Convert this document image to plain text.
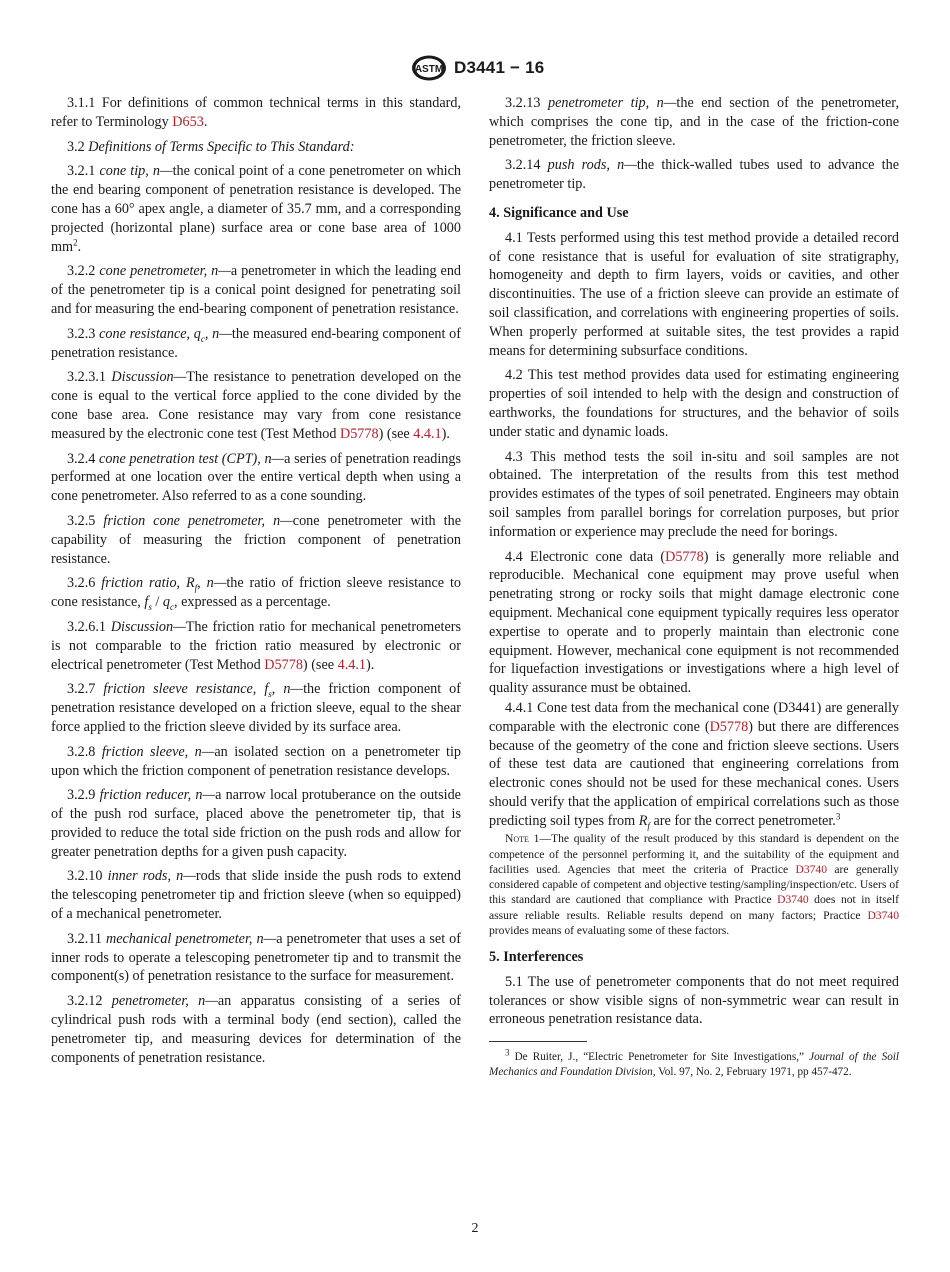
ASTM D3441 − 16

3.1.1 For definitions of common technical terms in this standard, refer to Terminology D653.

3.2 Definitions of Terms Specific to This Standard:

3.2.1 cone tip, n—the conical point of a cone penetrometer on which the end bearing component of penetration resistance is developed. The cone has a 60° apex angle, a diameter of 35.7 mm, and a corresponding projected (horizontal plane) surface area or cone base area of 1000 $mm^2$.

3.2.2 cone penetrometer, n—a penetrometer in which the leading end of the penetrometer tip is a conical point designed for penetrating soil and for measuring the end-bearing component of penetration resistance.

3.2.3 cone resistance, $q_c$, n—the measured end-bearing component of penetration resistance.

3.2.3.1 Discussion—The resistance to penetration developed on the cone is equal to the vertical force applied to the cone divided by the cone base area. Cone resistance may vary from cone resistance measured by the electronic cone test (Test Method D5778) (see 4.4.1).

3.2.4 cone penetration test (CPT), n—a series of penetration readings performed at one location over the entire vertical depth when using a cone penetrometer. Also referred to as a cone sounding.

3.2.5 friction cone penetrometer, n—cone penetrometer with the capability of measuring the friction component of penetration resistance.

3.2.6 friction ratio, $R_f$, n—the ratio of friction sleeve resistance to cone resistance, $f_s / q_c$, expressed as a percentage.

3.2.6.1 Discussion—The friction ratio for mechanical penetrometers is not comparable to the friction ratio measured by electronic or electrical penetrometer (Test Method D5778) (see 4.4.1).

3.2.7 friction sleeve resistance, $f_s$, n—the friction component of penetration resistance developed on a friction sleeve, equal to the shear force applied to the friction sleeve divided by its surface area.

3.2.8 friction sleeve, n—an isolated section on a penetrometer tip upon which the friction component of penetration resistance develops.

3.2.9 friction reducer, n—a narrow local protuberance on the outside of the push rod surface, placed above the penetrometer tip, that is provided to reduce the total side friction on the push rods and allow for greater penetration depths for a given push capacity.

3.2.10 inner rods, n—rods that slide inside the push rods to extend the telescoping penetrometer tip and friction sleeve (when so equipped) of a mechanical penetrometer.

3.2.11 mechanical penetrometer, n—a penetrometer that uses a set of inner rods to operate a telescoping penetrometer tip and to transmit the component(s) of penetration resistance to the surface for measurement.

3.2.12 penetrometer, n—an apparatus consisting of a series of cylindrical push rods with a terminal body (end section), called the penetrometer tip, and measuring devices for determination of the components of penetration resistance.

3.2.13 penetrometer tip, n—the end section of the penetrometer, which comprises the cone tip, and in the case of the friction-cone penetrometer, the friction sleeve.

3.2.14 push rods, n—the thick-walled tubes used to advance the penetrometer tip.

4. Significance and Use

4.1 Tests performed using this test method provide a detailed record of cone resistance that is useful for evaluation of site stratigraphy, homogeneity and depth to firm layers, voids or cavities, and other discontinuities. The use of a friction sleeve can provide an estimate of soil classification, and correlations with engineering properties of soils. When properly performed at suitable sites, the test provides a rapid means for determining subsurface conditions.

4.2 This test method provides data used for estimating engineering properties of soil intended to help with the design and construction of earthworks, the foundations for structures, and the behavior of soils under static and dynamic loads.

4.3 This method tests the soil in-situ and soil samples are not obtained. The interpretation of the results from this test method provides estimates of the types of soil penetrated. Engineers may obtain soil samples from parallel borings for correlation purposes, but prior information or experience may preclude the need for borings.

4.4 Electronic cone data (D5778) is generally more reliable and reproducible. Mechanical cone equipment may prove useful when penetrating strong or rocky soils that might damage electronic cone equipment. Mechanical cone equipment typically requires less operator expertise to operate and to properly maintain than electronic cone equipment. However, mechanical cone equipment is not recommended for liquefaction investigations or investigations where a high level of quality assurance must be obtained.

4.4.1 Cone test data from the mechanical cone (D3441) are generally comparable with the electronic cone (D5778) but there are differences because of the geometry of the cone and friction sleeve sections. Users of these test data are cautioned that engineering correlations from electronic cones should not be used for these mechanical cones. Users should verify that the application of empirical correlations such as those predicting soil types from $R_f$ are for the correct penetrometer.$^3$

Note 1—The quality of the result produced by this standard is dependent on the competence of the personnel performing it, and the suitability of the equipment and facilities used. Agencies that meet the criteria of Practice D3740 are generally considered capable of competent and objective testing/sampling/inspection/etc. Users of this standard are cautioned that compliance with Practice D3740 does not in itself assure reliable results. Reliable results depend on many factors; Practice D3740 provides means of evaluating some of these factors.

5. Interferences

5.1 The use of penetrometer components that do not meet required tolerances or show visible signs of non-symmetric wear can result in erroneous penetration resistance data.

$^3$ De Ruiter, J., “Electric Penetrometer for Site Investigations,” Journal of the Soil Mechanics and Foundation Division, Vol. 97, No. 2, February 1971, pp 457-472.

2
